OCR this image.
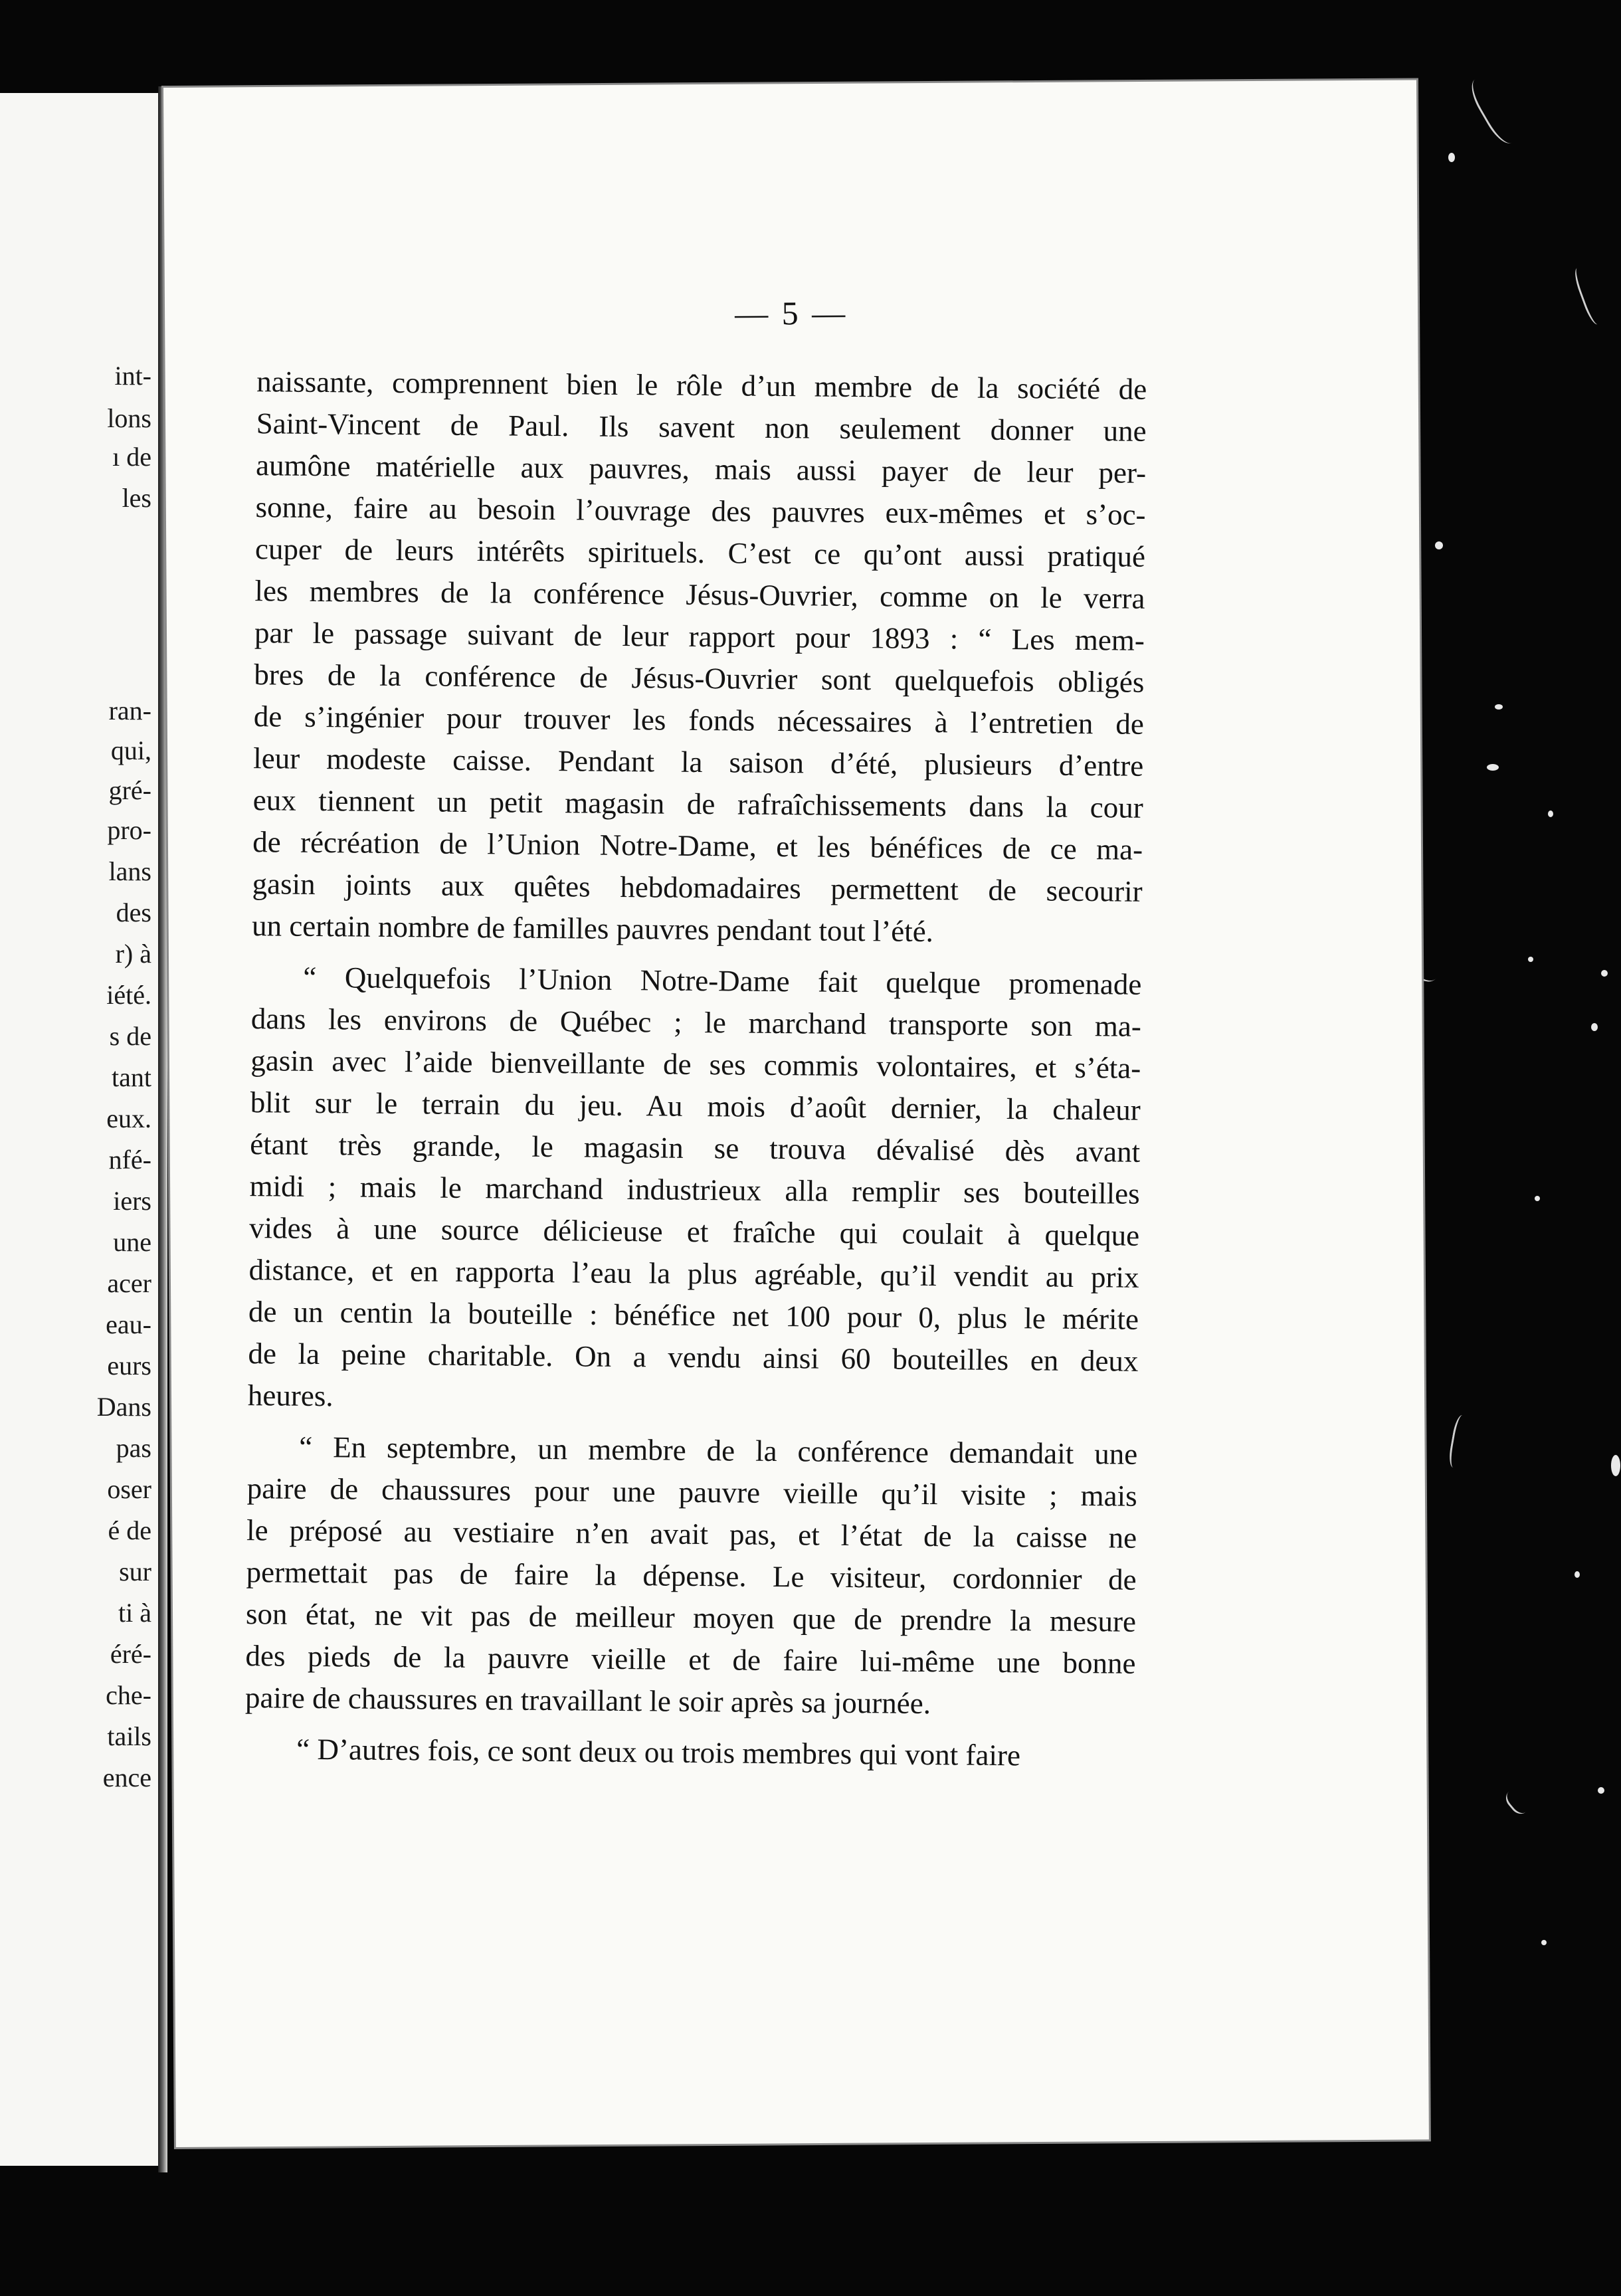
int-
lons
ı de
les
ran-
qui,
gré-
pro-
lans
des
r) à
iété.
s de
tant
eux.
nfé-
iers
une
acer
eau-
eurs
Dans
pas
oser
é de
sur
ti à
éré-
che-
tails
ence
— 5 —
naissante, comprennent bien le rôle d’un membre de la société de
Saint-Vincent de Paul. Ils savent non seulement donner une
aumône matérielle aux pauvres, mais aussi payer de leur per-
sonne, faire au besoin l’ouvrage des pauvres eux-mêmes et s’oc-
cuper de leurs intérêts spirituels. C’est ce qu’ont aussi pratiqué
les membres de la conférence Jésus-Ouvrier, comme on le verra
par le passage suivant de leur rapport pour 1893 : “ Les mem-
bres de la conférence de Jésus-Ouvrier sont quelquefois obligés
de s’ingénier pour trouver les fonds nécessaires à l’entretien de
leur modeste caisse. Pendant la saison d’été, plusieurs d’entre
eux tiennent un petit magasin de rafraîchissements dans la cour
de récréation de l’Union Notre-Dame, et les bénéfices de ce ma-
gasin joints aux quêtes hebdomadaires permettent de secourir
un certain nombre de familles pauvres pendant tout l’été.
“ Quelquefois l’Union Notre-Dame fait quelque promenade
dans les environs de Québec ; le marchand transporte son ma-
gasin avec l’aide bienveillante de ses commis volontaires, et s’éta-
blit sur le terrain du jeu. Au mois d’août dernier, la chaleur
étant très grande, le magasin se trouva dévalisé dès avant
midi ; mais le marchand industrieux alla remplir ses bouteilles
vides à une source délicieuse et fraîche qui coulait à quelque
distance, et en rapporta l’eau la plus agréable, qu’il vendit au prix
de un centin la bouteille : bénéfice net 100 pour 0, plus le mérite
de la peine charitable. On a vendu ainsi 60 bouteilles en deux
heures.
“ En septembre, un membre de la conférence demandait une
paire de chaussures pour une pauvre vieille qu’il visite ; mais
le préposé au vestiaire n’en avait pas, et l’état de la caisse ne
permettait pas de faire la dépense. Le visiteur, cordonnier de
son état, ne vit pas de meilleur moyen que de prendre la mesure
des pieds de la pauvre vieille et de faire lui-même une bonne
paire de chaussures en travaillant le soir après sa journée.
“ D’autres fois, ce sont deux ou trois membres qui vont faire
